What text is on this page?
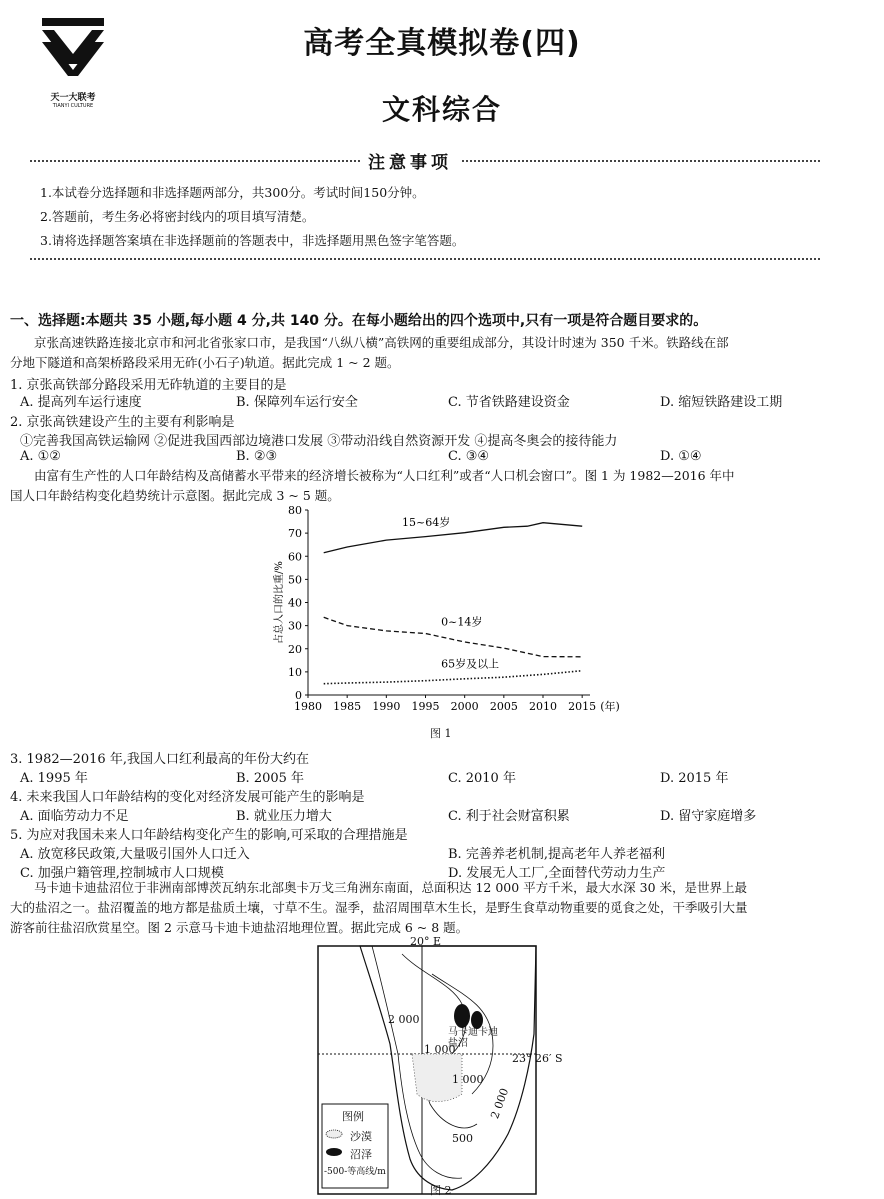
天一大联考
TIANYI CULTURE
高考全真模拟卷(四)
文科综合
注意事项
1.本试卷分选择题和非选择题两部分，共300分。考试时间150分钟。
2.答题前，考生务必将密封线内的项目填写清楚。
3.请将选择题答案填在非选择题前的答题表中，非选择题用黑色签字笔答题。
一、选择题:本题共 35 小题,每小题 4 分,共 140 分。在每小题给出的四个选项中,只有一项是符合题目要求的。
京张高速铁路连接北京市和河北省张家口市，是我国“八纵八横”高铁网的重要组成部分，其设计时速为 350 千米。铁路线在部
分地下隧道和高架桥路段采用无砟(小石子)轨道。据此完成 1 ~ 2 题。
1. 京张高铁部分路段采用无砟轨道的主要目的是
A. 提高列车运行速度	B. 保障列车运行安全	C. 节省铁路建设资金	D. 缩短铁路建设工期
2. 京张高铁建设产生的主要有利影响是
①完善我国高铁运输网 ②促进我国西部边境港口发展 ③带动沿线自然资源开发 ④提高冬奥会的接待能力
A. ①②	B. ②③	C. ③④	D. ①④
由富有生产性的人口年龄结构及高储蓄水平带来的经济增长被称为“人口红利”或者“人口机会窗口”。图 1 为 1982—2016 年中
国人口年龄结构变化趋势统计示意图。据此完成 3 ~ 5 题。
0
10
20
30
40
50
60
70
80
1980 1985 1990 1995 2000 2005 2010 2015 (年)
占总人口的比重/%
15~64岁
0~14岁
65岁及以上
图 1
3. 1982—2016 年,我国人口红利最高的年份大约在
A. 1995 年	B. 2005 年	C. 2010 年	D. 2015 年
4. 未来我国人口年龄结构的变化对经济发展可能产生的影响是
A. 面临劳动力不足	B. 就业压力增大	C. 利于社会财富积累	D. 留守家庭增多
5. 为应对我国未来人口年龄结构变化产生的影响,可采取的合理措施是
A. 放宽移民政策,大量吸引国外人口迁入	B. 完善养老机制,提高老年人养老福利
C. 加强户籍管理,控制城市人口规模	D. 发展无人工厂,全面替代劳动力生产
马卡迪卡迪盐沼位于非洲南部博茨瓦纳东北部奥卡万戈三角洲东南面，总面积达 12 000 平方千米，最大水深 30 米，是世界上最
大的盐沼之一。盐沼覆盖的地方都是盐质土壤，寸草不生。湿季，盐沼周围草木生长，是野生食草动物重要的觅食之处，干季吸引大量
游客前往盐沼欣赏星空。图 2 示意马卡迪卡迪盐沼地理位置。据此完成 6 ~ 8 题。
20° E
2 000
1 000
1 000
2 000
500
马卡迪卡迪盐沼
图例
沙漠
沼泽
-500-等高线/m
23° 26′ S
图 2
